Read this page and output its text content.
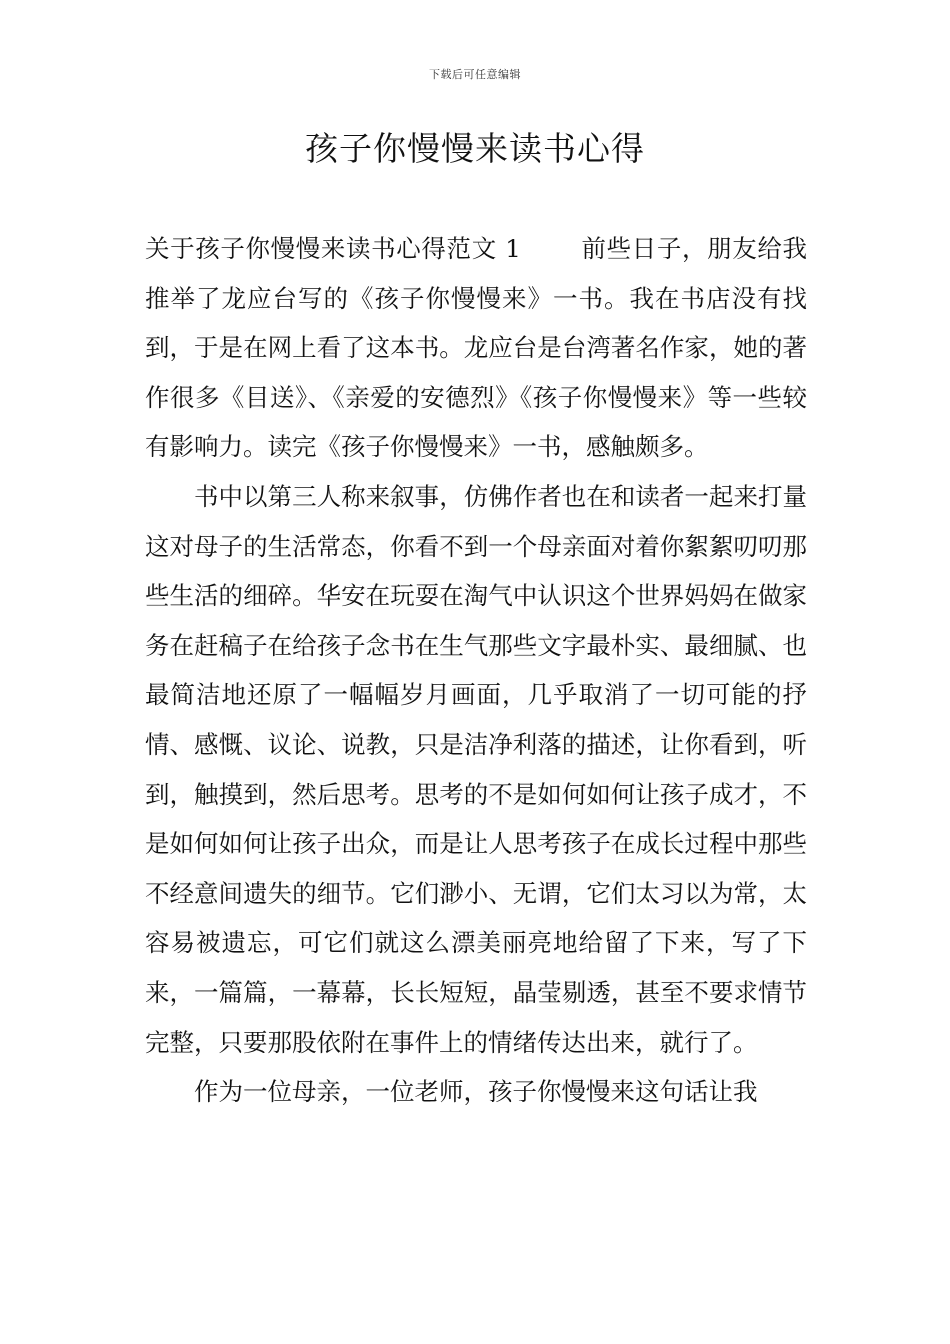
下载后可任意编辑
孩子你慢慢来读书心得

关于孩子你慢慢来读书心得范文 1 前些日子，朋友给我推举了龙应台写的《孩子你慢慢来》一书。我在书店没有找到，于是在网上看了这本书。龙应台是台湾著名作家，她的著作很多《目送》、《亲爱的安德烈》《孩子你慢慢来》等一些较有影响力。读完《孩子你慢慢来》一书，感触颇多。

书中以第三人称来叙事，仿佛作者也在和读者一起来打量这对母子的生活常态，你看不到一个母亲面对着你絮絮叨叨那些生活的细碎。华安在玩耍在淘气中认识这个世界妈妈在做家务在赶稿子在给孩子念书在生气那些文字最朴实、最细腻、也最简洁地还原了一幅幅岁月画面，几乎取消了一切可能的抒情、感慨、议论、说教，只是洁净利落的描述，让你看到，听到，触摸到，然后思考。思考的不是如何如何让孩子成才，不是如何如何让孩子出众，而是让人思考孩子在成长过程中那些不经意间遗失的细节。它们渺小、无谓，它们太习以为常，太容易被遗忘，可它们就这么漂美丽亮地给留了下来，写了下来，一篇篇，一幕幕，长长短短，晶莹剔透，甚至不要求情节完整，只要那股依附在事件上的情绪传达出来，就行了。

作为一位母亲，一位老师，孩子你慢慢来这句话让我
